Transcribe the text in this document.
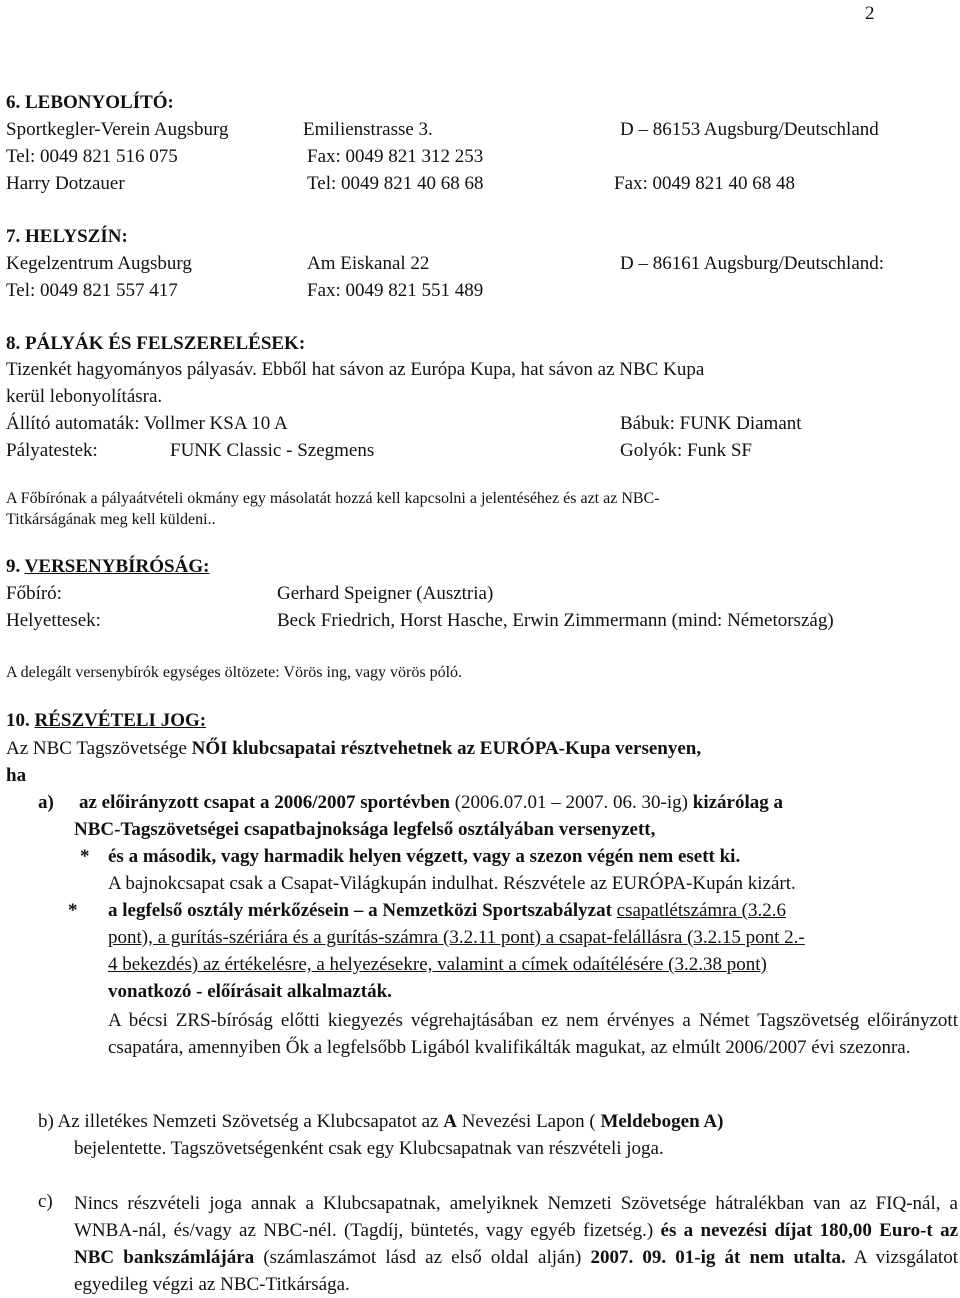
2
6. LEBONYOLÍTÓ:
Sportkegler-Verein Augsburg	Emilienstrasse 3.	D – 86153 Augsburg/Deutschland
Tel: 0049 821 516 075	Fax: 0049 821 312 253
Harry Dotzauer	Tel: 0049 821 40 68 68	Fax: 0049 821 40 68 48
7. HELYSZÍN:
Kegelzentrum Augsburg	Am Eiskanal 22	D – 86161 Augsburg/Deutschland:
Tel: 0049 821 557 417	Fax: 0049 821 551 489
8. PÁLYÁK ÉS FELSZERELÉSEK:
Tizenkét hagyományos pályasáv. Ebből hat sávon az Európa Kupa, hat sávon az NBC Kupa
kerül lebonyolításra.
Állító automaták: Vollmer KSA 10 A	Bábuk: FUNK Diamant
Pályatestek:	FUNK Classic - Szegmens	Golyók: Funk SF
A Főbírónak a pályaátvételi okmány egy másolatát hozzá kell kapcsolni a jelentéséhez és azt az NBC-
Titkárságának meg kell küldeni..
9. VERSENYBÍRÓSÁG:
Főbíró:	Gerhard Speigner (Ausztria)
Helyettesek:	Beck Friedrich, Horst Hasche, Erwin Zimmermann (mind: Németország)
A delegált versenybírók egységes öltözete: Vörös ing, vagy vörös póló.
10. RÉSZVÉTELI JOG:
Az NBC Tagszövetsége NŐI klubcsapatai résztvehetnek az EURÓPA-Kupa versenyen,
ha
a) az előirányzott csapat a 2006/2007 sportévben (2006.07.01 – 2007. 06. 30-ig) kizárólag a
NBC-Tagszövetségei csapatbajnoksága legfelső osztályában versenyzett,
* és a második, vagy harmadik helyen végzett, vagy a szezon végén nem esett ki.
A bajnokcsapat csak a Csapat-Világkupán indulhat. Részvétele az EURÓPA-Kupán kizárt.
* a legfelső osztály mérkőzésein – a Nemzetközi Sportszabályzat csapatlétszámra (3.2.6
pont), a gurítás-szériára és a gurítás-számra (3.2.11 pont) a csapat-felállásra (3.2.15 pont 2.-
4 bekezdés) az értékelésre, a helyezésekre, valamint a címek odaítélésére (3.2.38 pont)
vonatkozó - előírásait alkalmazták.
A bécsi ZRS-bíróság előtti kiegyezés végrehajtásában ez nem érvényes a Német Tagszövetség előirányzott csapatára, amennyiben Ők a legfelsőbb Ligából kvalifikálták magukat, az elmúlt 2006/2007 évi szezonra.
b) Az illetékes Nemzeti Szövetség a Klubcsapatot az A Nevezési Lapon ( Meldebogen A)
bejelentette. Tagszövetségenként csak egy Klubcsapatnak van részvételi joga.
c) Nincs részvételi joga annak a Klubcsapatnak, amelyiknek Nemzeti Szövetsége hátralékban van az FIQ-nál, a WNBA-nál, és/vagy az NBC-nél. (Tagdíj, büntetés, vagy egyéb fizetség.) és a nevezési díjat 180,00 Euro-t az NBC bankszámlájára (számlaszámot lásd az első oldal alján) 2007. 09. 01-ig át nem utalta. A vizsgálatot egyedileg végzi az NBC-Titkársága.
